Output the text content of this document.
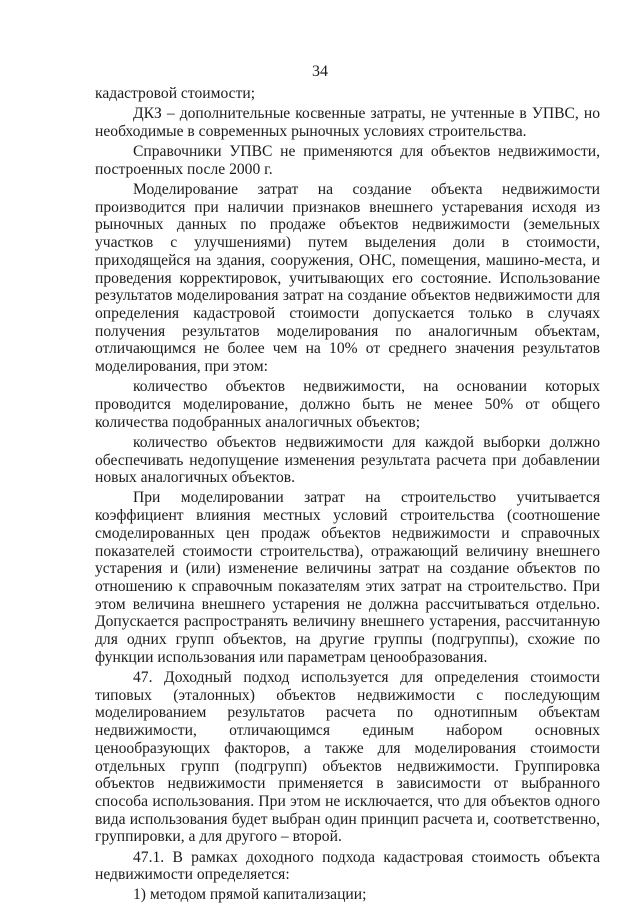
34

кадастровой стоимости;

ДКЗ – дополнительные косвенные затраты, не учтенные в УПВС, но необходимые в современных рыночных условиях строительства.

Справочники УПВС не применяются для объектов недвижимости, построенных после 2000 г.

Моделирование затрат на создание объекта недвижимости производится при наличии признаков внешнего устаревания исходя из рыночных данных по продаже объектов недвижимости (земельных участков с улучшениями) путем выделения доли в стоимости, приходящейся на здания, сооружения, ОНС, помещения, машино-места, и проведения корректировок, учитывающих его состояние. Использование результатов моделирования затрат на создание объектов недвижимости для определения кадастровой стоимости допускается только в случаях получения результатов моделирования по аналогичным объектам, отличающимся не более чем на 10% от среднего значения результатов моделирования, при этом:

количество объектов недвижимости, на основании которых проводится моделирование, должно быть не менее 50% от общего количества подобранных аналогичных объектов;

количество объектов недвижимости для каждой выборки должно обеспечивать недопущение изменения результата расчета при добавлении новых аналогичных объектов.

При моделировании затрат на строительство учитывается коэффициент влияния местных условий строительства (соотношение смоделированных цен продаж объектов недвижимости и справочных показателей стоимости строительства), отражающий величину внешнего устарения и (или) изменение величины затрат на создание объектов по отношению к справочным показателям этих затрат на строительство. При этом величина внешнего устарения не должна рассчитываться отдельно. Допускается распространять величину внешнего устарения, рассчитанную для одних групп объектов, на другие группы (подгруппы), схожие по функции использования или параметрам ценообразования.

47. Доходный подход используется для определения стоимости типовых (эталонных) объектов недвижимости с последующим моделированием результатов расчета по однотипным объектам недвижимости, отличающимся единым набором основных ценообразующих факторов, а также для моделирования стоимости отдельных групп (подгрупп) объектов недвижимости. Группировка объектов недвижимости применяется в зависимости от выбранного способа использования. При этом не исключается, что для объектов одного вида использования будет выбран один принцип расчета и, соответственно, группировки, а для другого – второй.

47.1. В рамках доходного подхода кадастровая стоимость объекта недвижимости определяется:

1) методом прямой капитализации;
